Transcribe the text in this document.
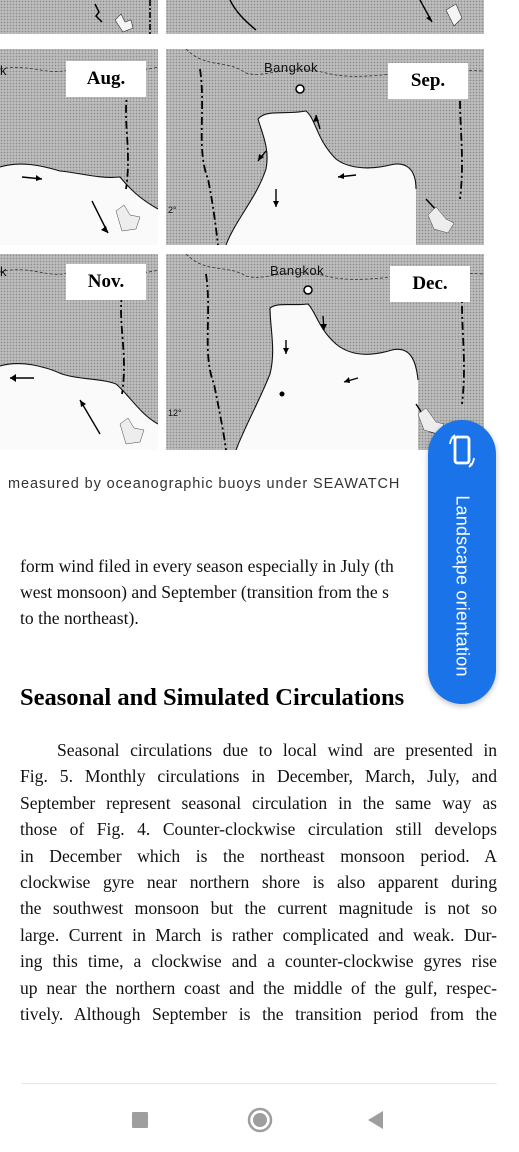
k	Aug.
Bangkok
2°
Sep.
k	Nov.
Bangkok
12°
Dec.
measured by oceanographic buoys under SEAWATCH
form wind filed in every season especially in July (th
west monsoon) and September (transition from the s
to the northeast).
Seasonal and Simulated Circulations
Seasonal circulations due to local wind are presented in
Fig. 5. Monthly circulations in December, March, July, and
September represent seasonal circulation in the same way as
those of Fig. 4. Counter-clockwise circulation still develops
in December which is the northeast monsoon period. A
clockwise gyre near northern shore is also apparent during
the southwest monsoon but the current magnitude is not so
large. Current in March is rather complicated and weak. Dur-
ing this time, a clockwise and a counter-clockwise gyres rise
up near the northern coast and the middle of the gulf, respec-
tively. Although September is the transition period from the
Landscape orientation
